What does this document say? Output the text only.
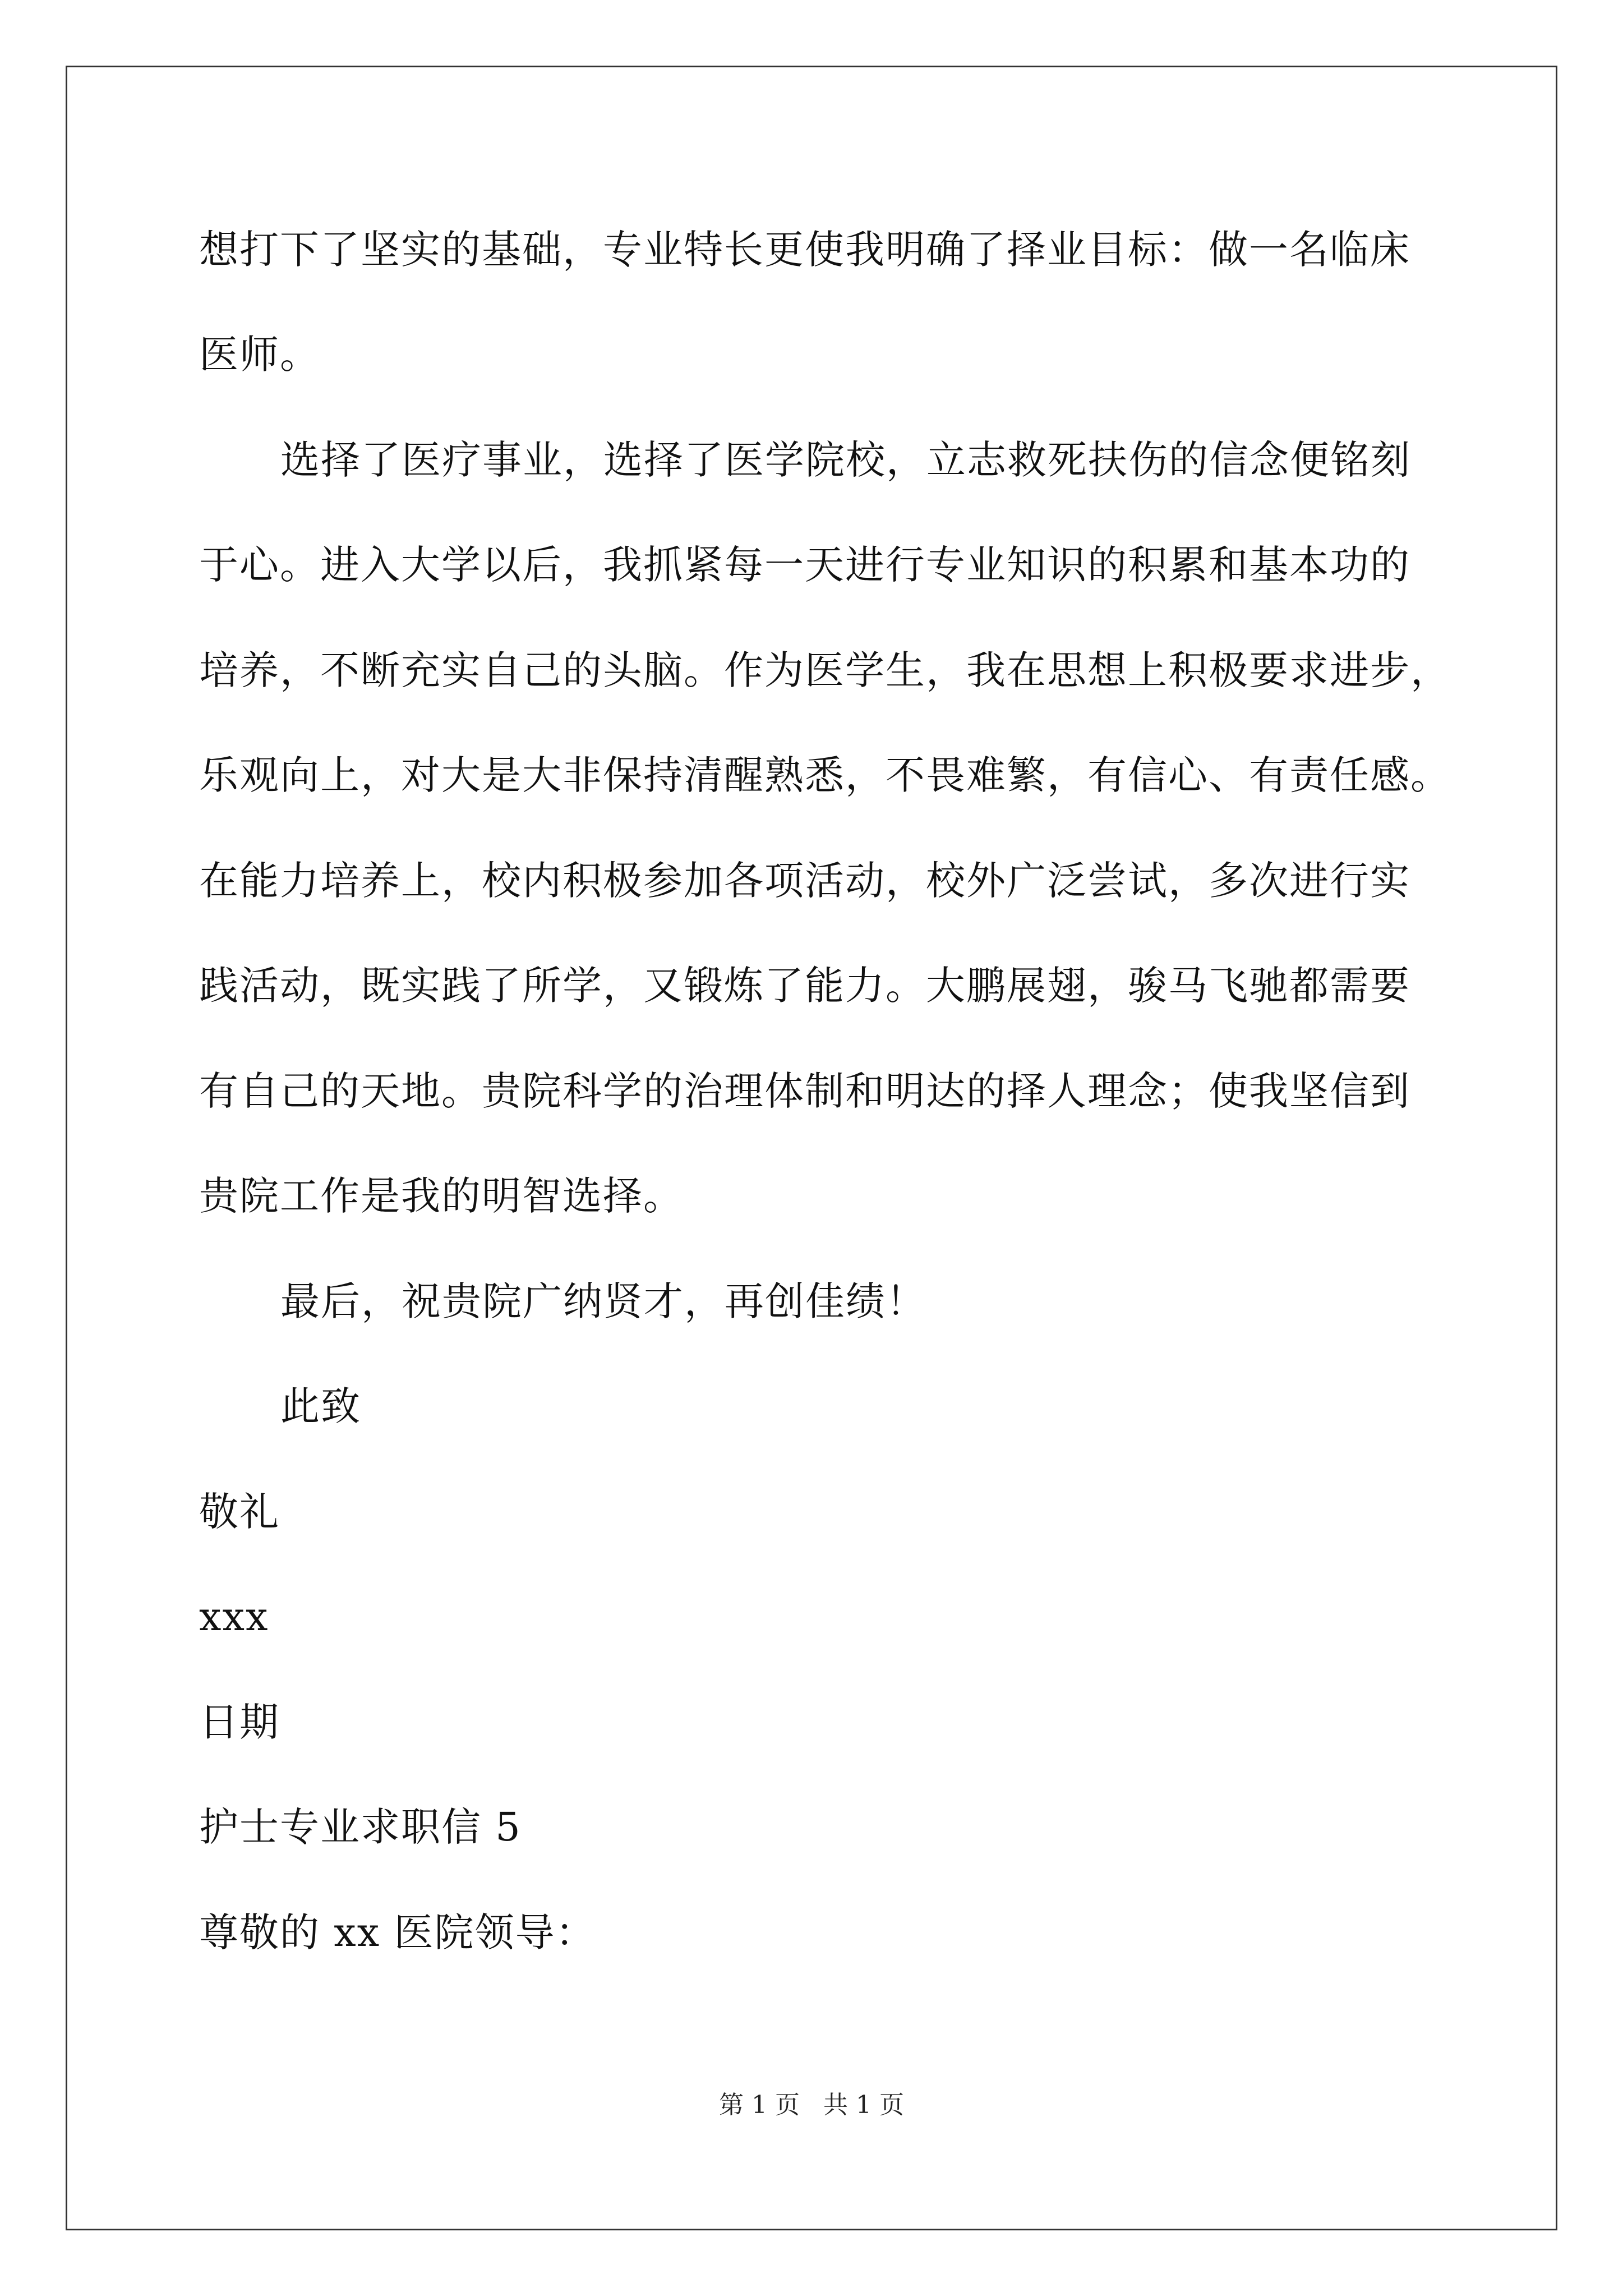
想打下了坚实的基础，专业特长更使我明确了择业目标：做一名临床
医师。
选择了医疗事业，选择了医学院校，立志救死扶伤的信念便铭刻
于心。进入大学以后，我抓紧每一天进行专业知识的积累和基本功的
培养，不断充实自己的头脑。作为医学生，我在思想上积极要求进步，
乐观向上，对大是大非保持清醒熟悉，不畏难繁，有信心、有责任感。
在能力培养上，校内积极参加各项活动，校外广泛尝试，多次进行实
践活动，既实践了所学，又锻炼了能力。大鹏展翅，骏马飞驰都需要
有自己的天地。贵院科学的治理体制和明达的择人理念；使我坚信到
贵院工作是我的明智选择。
最后，祝贵院广纳贤才，再创佳绩！
此致
敬礼
xxx
日期
护士专业求职信 5
尊敬的 xx 医院领导：
第 1 页   共 1 页
